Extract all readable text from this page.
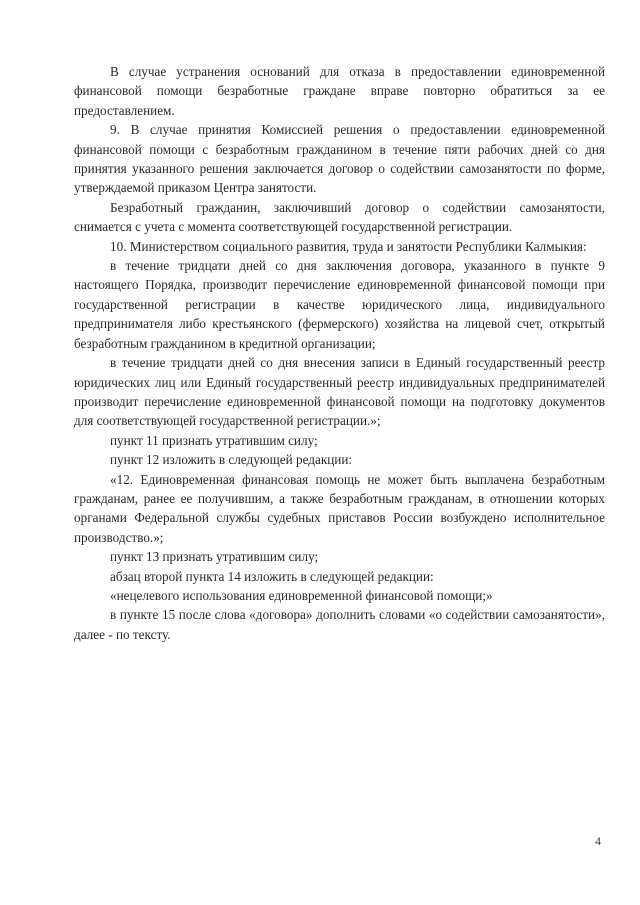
В случае устранения оснований для отказа в предоставлении единовременной финансовой помощи безработные граждане вправе повторно обратиться за ее предоставлением.

9. В случае принятия Комиссией решения о предоставлении единовременной финансовой помощи с безработным гражданином в течение пяти рабочих дней со дня принятия указанного решения заключается договор о содействии самозанятости по форме, утверждаемой приказом Центра занятости.

Безработный гражданин, заключивший договор о содействии самозанятости, снимается с учета с момента соответствующей государственной регистрации.

10. Министерством социального развития, труда и занятости Республики Калмыкия:

в течение тридцати дней со дня заключения договора, указанного в пункте 9 настоящего Порядка, производит перечисление единовременной финансовой помощи при государственной регистрации в качестве юридического лица, индивидуального предпринимателя либо крестьянского (фермерского) хозяйства на лицевой счет, открытый безработным гражданином в кредитной организации;

в течение тридцати дней со дня внесения записи в Единый государственный реестр юридических лиц или Единый государственный реестр индивидуальных предпринимателей производит перечисление единовременной финансовой помощи на подготовку документов для соответствующей государственной регистрации.»;

пункт 11 признать утратившим силу;

пункт 12 изложить в следующей редакции:

«12. Единовременная финансовая помощь не может быть выплачена безработным гражданам, ранее ее получившим, а также безработным гражданам, в отношении которых органами Федеральной службы судебных приставов России возбуждено исполнительное производство.»;

пункт 13 признать утратившим силу;

абзац второй пункта 14 изложить в следующей редакции:

«нецелевого использования единовременной финансовой помощи;»

в пункте 15 после слова «договора» дополнить словами «о содействии самозанятости», далее - по тексту.

4
